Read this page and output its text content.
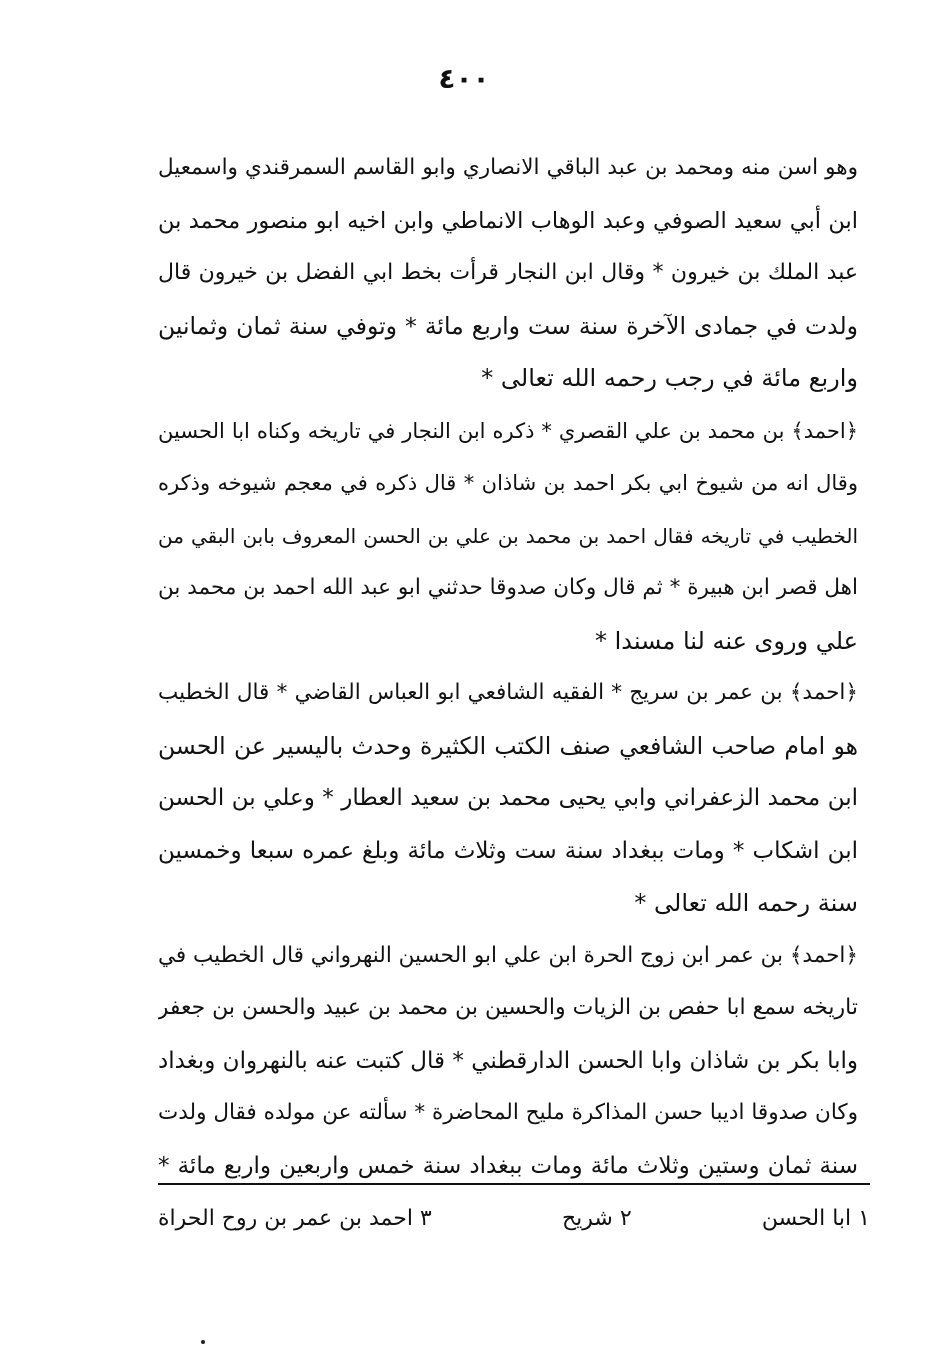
٤٠٠
وهو اسن منه ومحمد بن عبد الباقي الانصاري وابو القاسم السمرقندي واسمعيل
ابن أبي سعيد الصوفي وعبد الوهاب الانماطي وابن اخيه ابو منصور محمد بن
عبد الملك بن خيرون * وقال ابن النجار قرأت بخط ابي الفضل بن خيرون قال
ولدت في جمادى الآخرة سنة ست واربع مائة * وتوفي سنة ثمان وثمانين
واربع مائة في رجب رحمه الله تعالى *
﴿احمد﴾ بن محمد بن علي القصري * ذكره ابن النجار في تاريخه وكناه ابا الحسين
وقال انه من شيوخ ابي بكر احمد بن شاذان * قال ذكره في معجم شيوخه وذكره
الخطيب في تاريخه فقال احمد بن محمد بن علي بن الحسن المعروف بابن البقي من
اهل قصر ابن هبيرة * ثم قال وكان صدوقا حدثني ابو عبد الله احمد بن محمد بن
علي وروى عنه لنا مسندا *
﴿احمد﴾ بن عمر بن سريج * الفقيه الشافعي ابو العباس القاضي * قال الخطيب
هو امام صاحب الشافعي صنف الكتب الكثيرة وحدث باليسير عن الحسن
ابن محمد الزعفراني وابي يحيى محمد بن سعيد العطار * وعلي بن الحسن
ابن اشكاب * ومات ببغداد سنة ست وثلاث مائة وبلغ عمره سبعا وخمسين
سنة رحمه الله تعالى *
﴿احمد﴾ بن عمر ابن زوج الحرة ابن علي ابو الحسين النهرواني قال الخطيب في
تاريخه سمع ابا حفص بن الزيات والحسين بن محمد بن عبيد والحسن بن جعفر
وابا بكر بن شاذان وابا الحسن الدارقطني * قال كتبت عنه بالنهروان وبغداد
وكان صدوقا اديبا حسن المذاكرة مليح المحاضرة * سألته عن مولده فقال ولدت
سنة ثمان وستين وثلاث مائة ومات ببغداد سنة خمس واربعين واربع مائة *
١ ابا الحسن
٢ شريح
٣ احمد بن عمر بن روح الحراة
